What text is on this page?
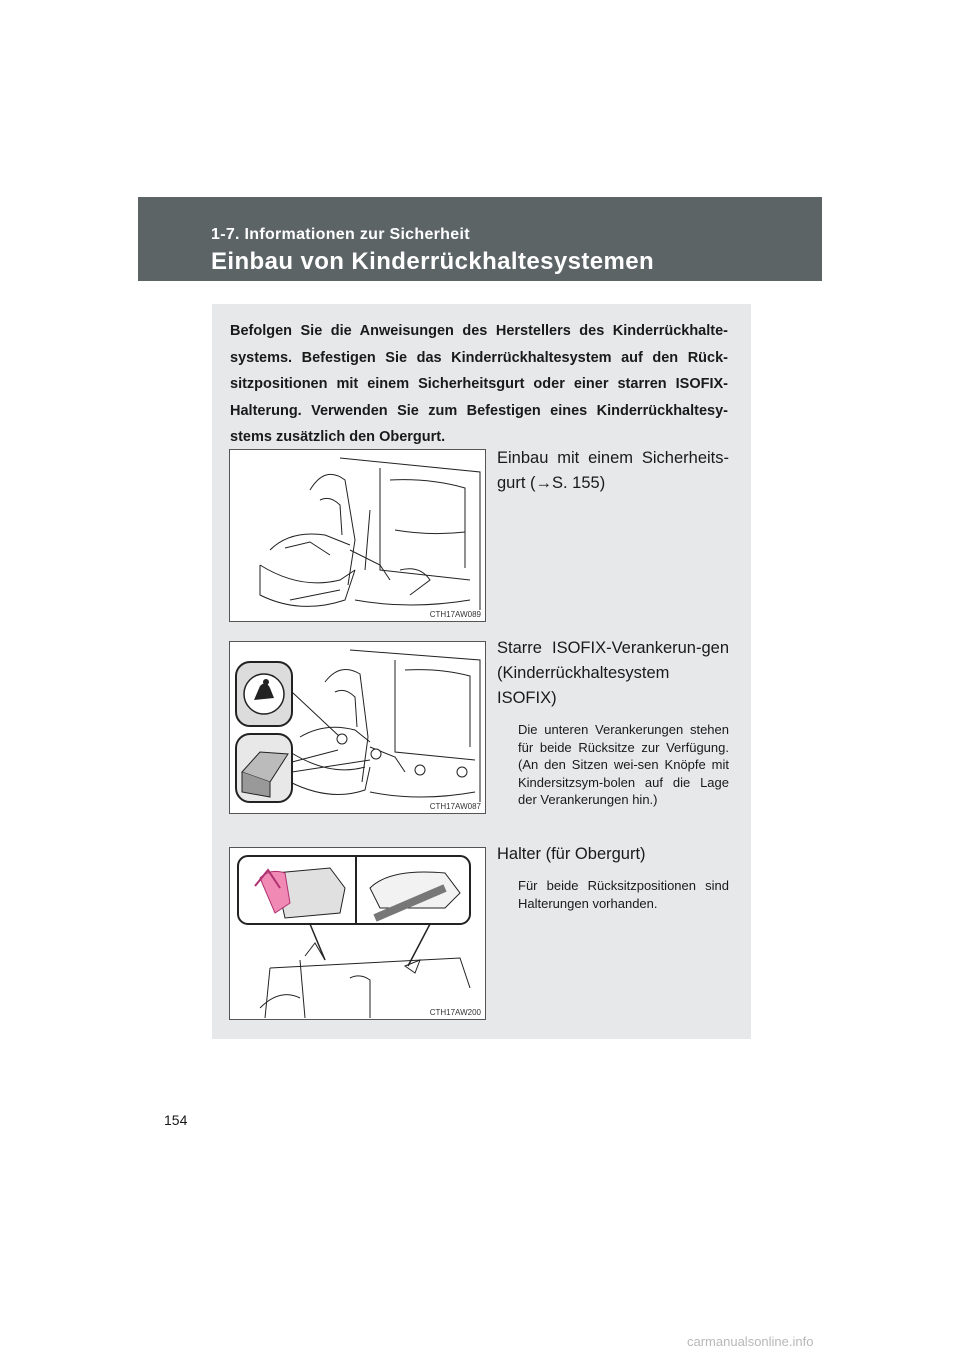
1-7. Informationen zur Sicherheit
Einbau von Kinderrückhaltesystemen
Befolgen Sie die Anweisungen des Herstellers des Kinderrückhalte-systems. Befestigen Sie das Kinderrückhaltesystem auf den Rück-sitzpositionen mit einem Sicherheitsgurt oder einer starren ISOFIX-Halterung. Verwenden Sie zum Befestigen eines Kinderrückhaltesy-stems zusätzlich den Obergurt.
CTH17AW089
Einbau mit einem Sicherheits-gurt (→S. 155)
CTH17AW087
Starre ISOFIX-Verankerun-gen (Kinderrückhaltesystem ISOFIX)
Die unteren Verankerungen stehen für beide Rücksitze zur Verfügung. (An den Sitzen wei-sen Knöpfe mit Kindersitzsym-bolen auf die Lage der Verankerungen hin.)
CTH17AW200
Halter (für Obergurt)
Für beide Rücksitzpositionen sind Halterungen vorhanden.
154
carmanualsonline.info
